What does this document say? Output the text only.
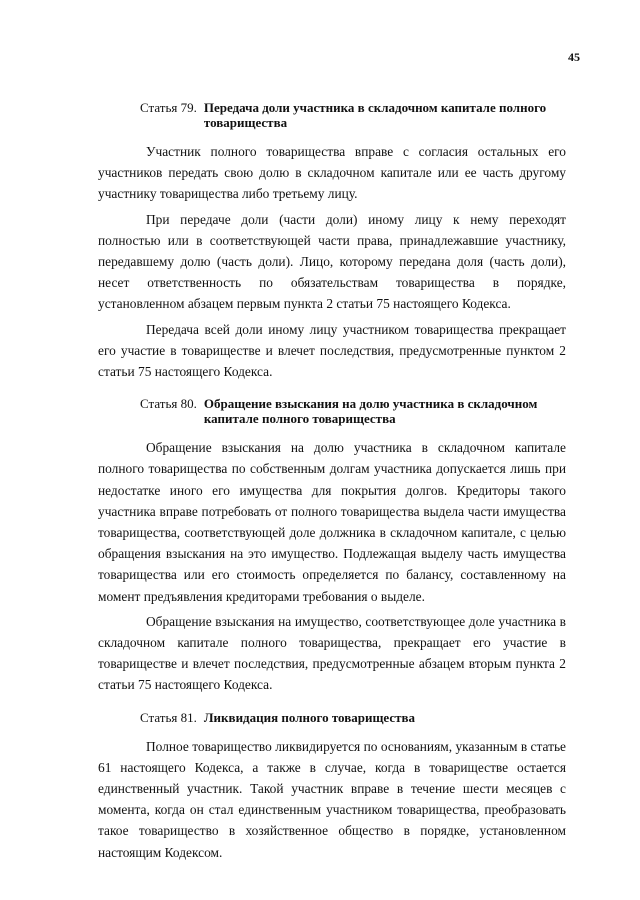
45
Статья 79. Передача доли участника в складочном капитале полного товарищества

Участник полного товарищества вправе с согласия остальных его участников передать свою долю в складочном капитале или ее часть другому участнику товарищества либо третьему лицу.

При передаче доли (части доли) иному лицу к нему переходят полностью или в соответствующей части права, принадлежавшие участнику, передавшему долю (часть доли). Лицо, которому передана доля (часть доли), несет ответственность по обязательствам товарищества в порядке, установленном абзацем первым пункта 2 статьи 75 настоящего Кодекса.

Передача всей доли иному лицу участником товарищества прекращает его участие в товариществе и влечет последствия, предусмотренные пунктом 2 статьи 75 настоящего Кодекса.

Статья 80. Обращение взыскания на долю участника в складочном капитале полного товарищества

Обращение взыскания на долю участника в складочном капитале полного товарищества по собственным долгам участника допускается лишь при недостатке иного его имущества для покрытия долгов. Кредиторы такого участника вправе потребовать от полного товарищества выдела части имущества товарищества, соответствующей доле должника в складочном капитале, с целью обращения взыскания на это имущество. Подлежащая выделу часть имущества товарищества или его стоимость определяется по балансу, составленному на момент предъявления кредиторами требования о выделе.

Обращение взыскания на имущество, соответствующее доле участника в складочном капитале полного товарищества, прекращает его участие в товариществе и влечет последствия, предусмотренные абзацем вторым пункта 2 статьи 75 настоящего Кодекса.

Статья 81. Ликвидация полного товарищества

Полное товарищество ликвидируется по основаниям, указанным в статье 61 настоящего Кодекса, а также в случае, когда в товариществе остается единственный участник. Такой участник вправе в течение шести месяцев с момента, когда он стал единственным участником товарищества, преобразовать такое товарищество в хозяйственное общество в порядке, установленном настоящим Кодексом.
